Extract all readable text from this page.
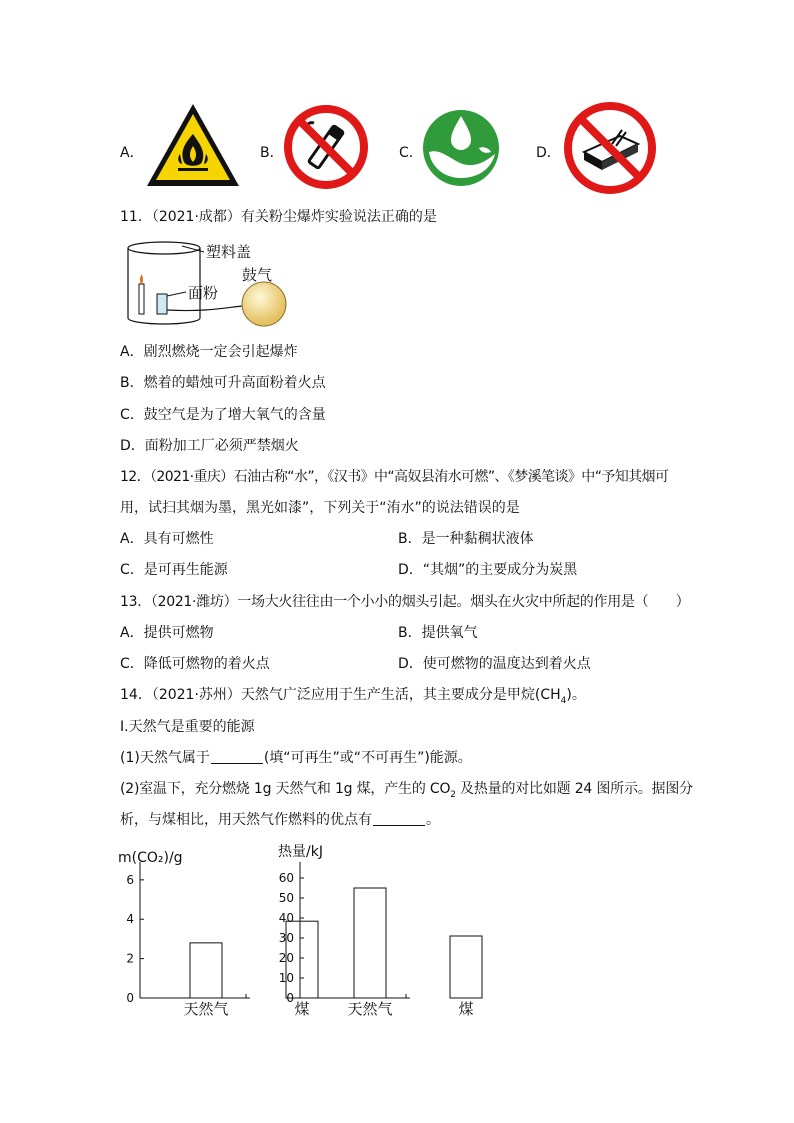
A．	B．	C．	D．
11．（2021·成都）有关粉尘爆炸实验说法正确的是
塑料盖
面粉
鼓气
A．剧烈燃烧一定会引起爆炸
B．燃着的蜡烛可升高面粉着火点
C．鼓空气是为了增大氧气的含量
D．面粉加工厂必须严禁烟火
12．（2021·重庆）石油古称“水”，《汉书》中“高奴县洧水可燃”、《梦溪笔谈》中“予知其烟可
用，试扫其烟为墨，黑光如漆”，下列关于“洧水”的说法错误的是
A．具有可燃性	B．是一种黏稠状液体
C．是可再生能源	D．“其烟”的主要成分为炭黑
13．（2021·潍坊）一场大火往往由一个小小的烟头引起。烟头在火灾中所起的作用是（　　）
A．提供可燃物	B．提供氧气
C．降低可燃物的着火点	D．使可燃物的温度达到着火点
14．（2021·苏州）天然气广泛应用于生产生活，其主要成分是甲烷$(CH_4)$。
Ⅰ.天然气是重要的能源
(1)天然气属于	(填“可再生”或“不可再生”)能源。
(2)室温下，充分燃烧 1g 天然气和 1g 煤，产生的 $CO_2$ 及热量的对比如题 24 图所示。据图分
析，与煤相比，用天然气作燃料的优点有	。
m(CO₂)/g
0
2
4
6
天然气	煤
热量/kJ
0
10
20
30
40
50
60
天然气	煤
